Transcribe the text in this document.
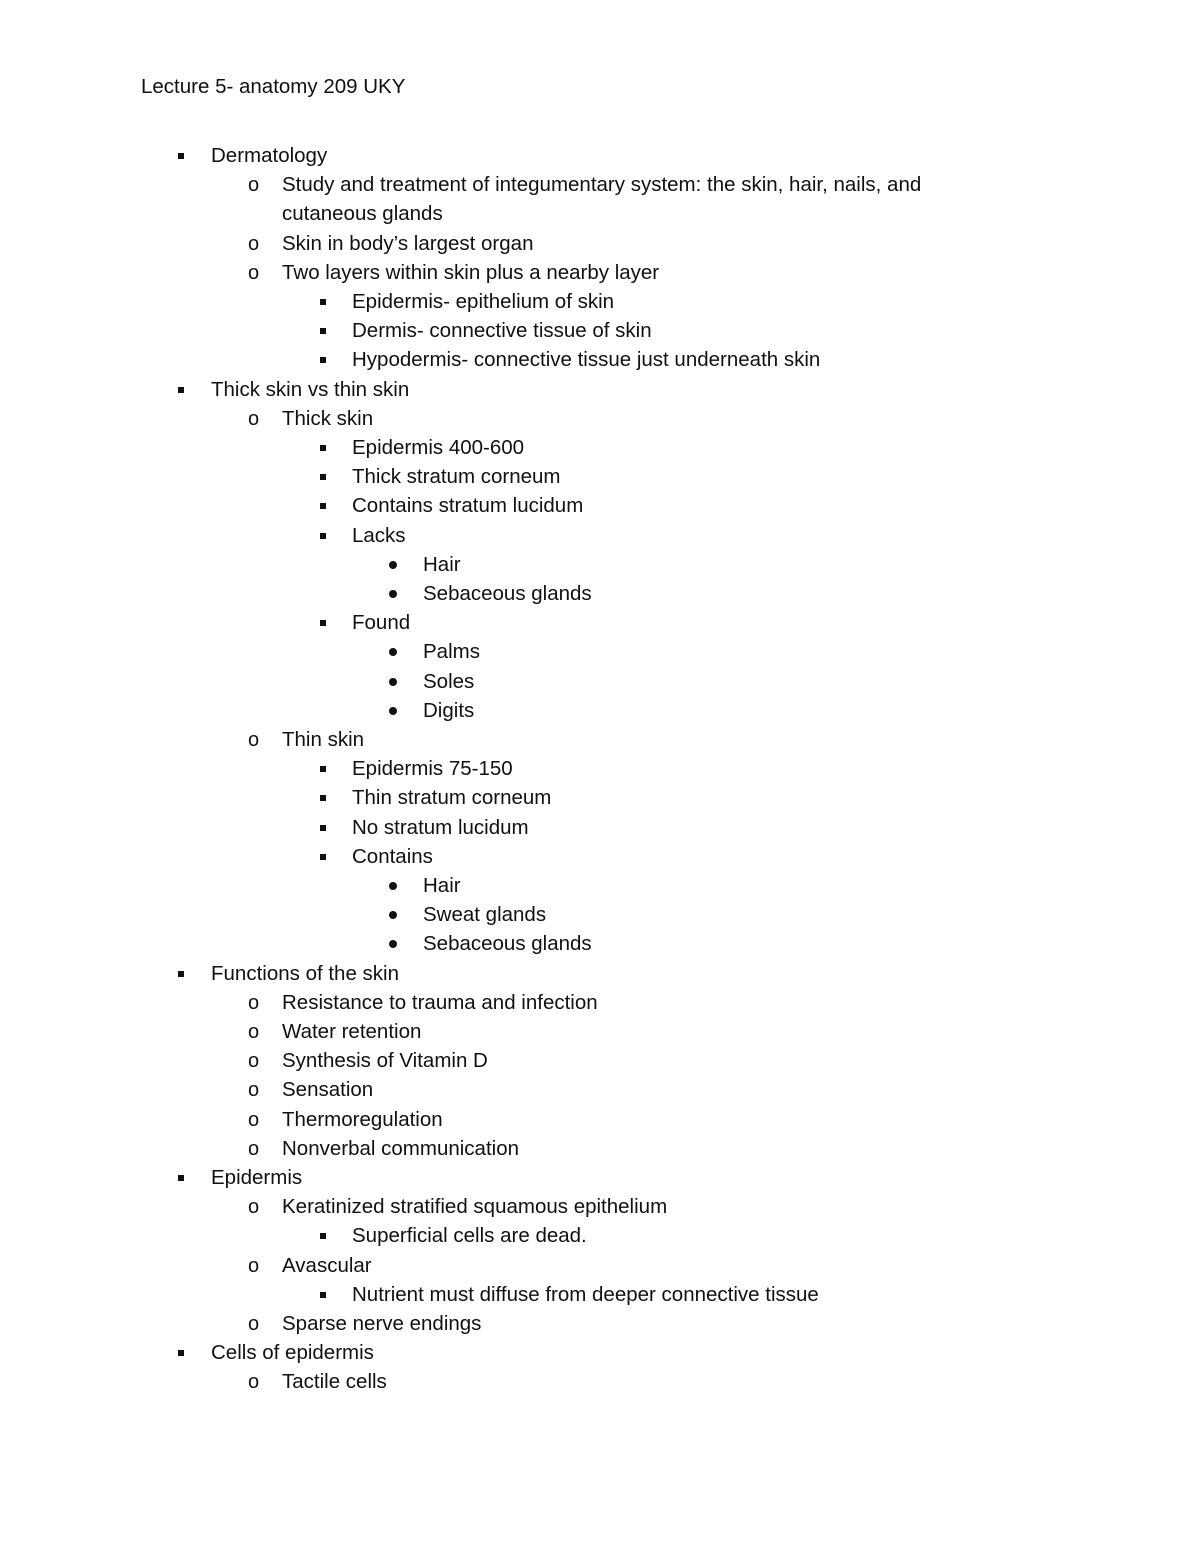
Lecture 5- anatomy 209 UKY
Dermatology
o Study and treatment of integumentary system: the skin, hair, nails, and
cutaneous glands
o Skin in body’s largest organ
o Two layers within skin plus a nearby layer
Epidermis- epithelium of skin
Dermis- connective tissue of skin
Hypodermis- connective tissue just underneath skin
Thick skin vs thin skin
o Thick skin
Epidermis 400-600
Thick stratum corneum
Contains stratum lucidum
Lacks
Hair
Sebaceous glands
Found
Palms
Soles
Digits
o Thin skin
Epidermis 75-150
Thin stratum corneum
No stratum lucidum
Contains
Hair
Sweat glands
Sebaceous glands
Functions of the skin
o Resistance to trauma and infection
o Water retention
o Synthesis of Vitamin D
o Sensation
o Thermoregulation
o Nonverbal communication
Epidermis
o Keratinized stratified squamous epithelium
Superficial cells are dead.
o Avascular
Nutrient must diffuse from deeper connective tissue
o Sparse nerve endings
Cells of epidermis
o Tactile cells
